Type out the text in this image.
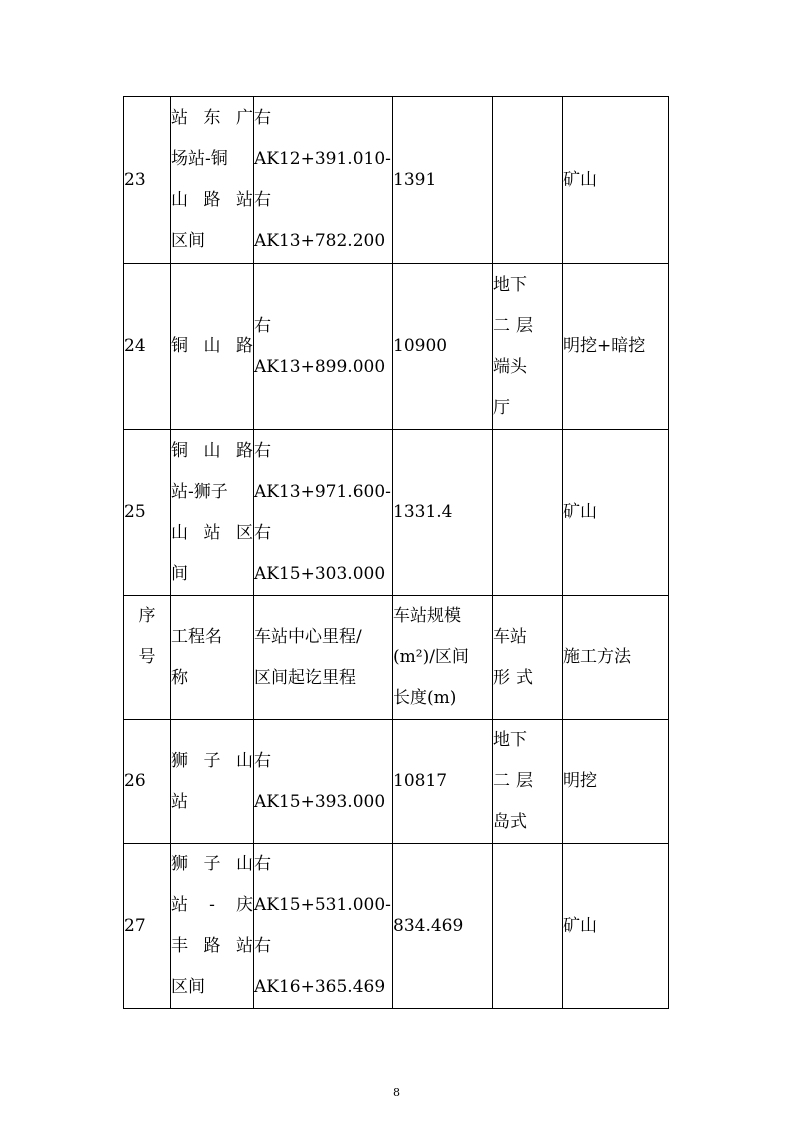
23	站东广
场站-铜
山路站
区间	右
AK12+391.010-
右
AK13+782.200	1391		矿山
24	铜山路	右
AK13+899.000	10900	地下
二层
端头
厅	明挖+暗挖
25	铜山路
站-狮子
山站区
间	右
AK13+971.600-
右
AK15+303.000	1331.4		矿山

序
号	工程名
称	车站中心里程/
区间起讫里程	车站规模
(m²)/区间
长度(m)	车站
形式	施工方法
26	狮子山
站	右
AK15+393.000	10817	地下
二层
岛式	明挖
27	狮子山
站-庆
丰路站
区间	右
AK15+531.000-
右
AK16+365.469	834.469		矿山
8
